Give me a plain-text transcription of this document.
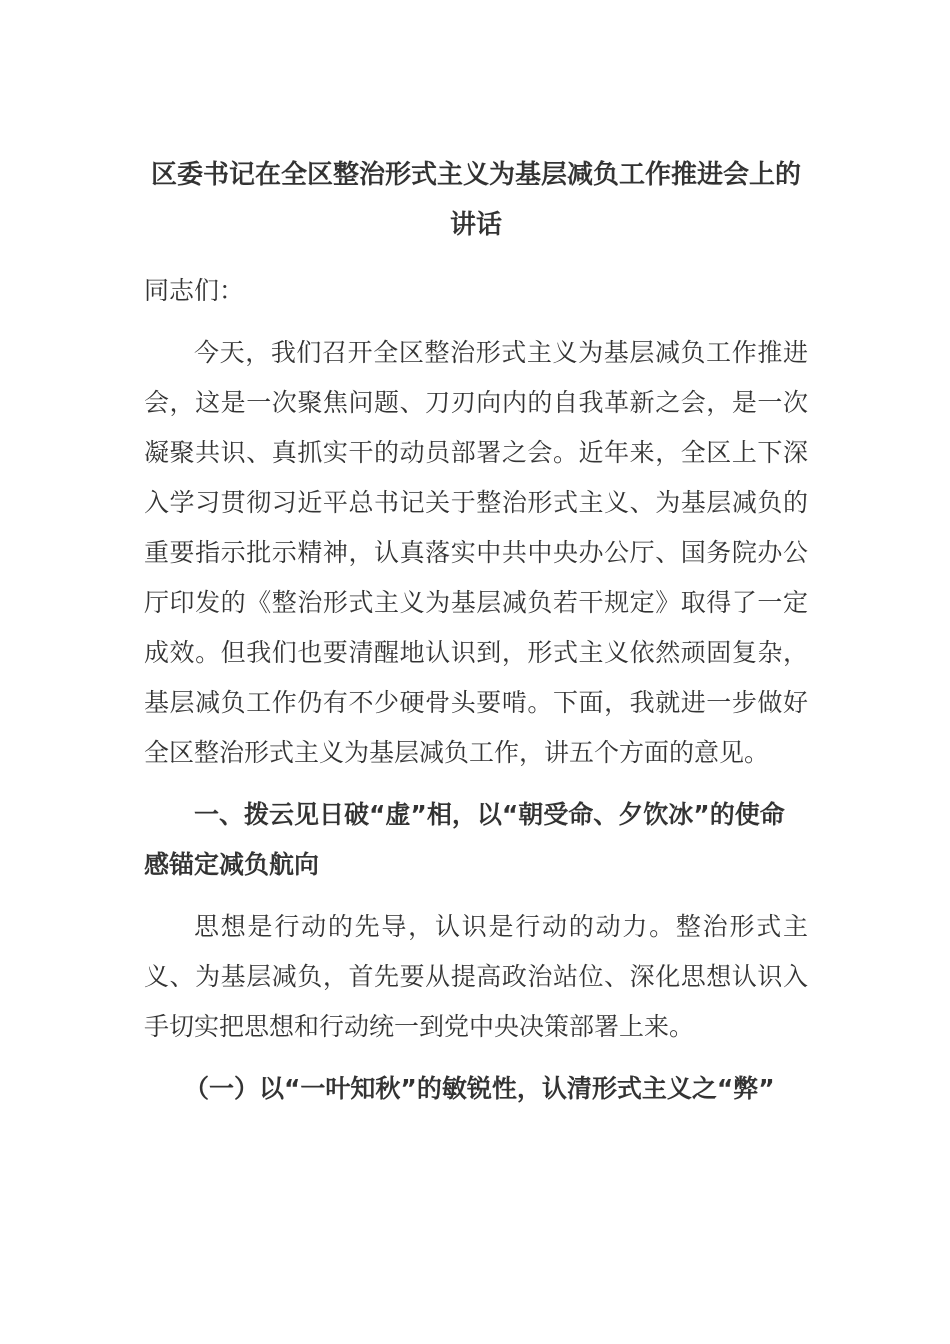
区委书记在全区整治形式主义为基层减负工作推进会上的
讲话

同志们：

今天，我们召开全区整治形式主义为基层减负工作推进会，这是一次聚焦问题、刀刃向内的自我革新之会，是一次凝聚共识、真抓实干的动员部署之会。近年来，全区上下深入学习贯彻习近平总书记关于整治形式主义、为基层减负的重要指示批示精神，认真落实中共中央办公厅、国务院办公厅印发的《整治形式主义为基层减负若干规定》取得了一定成效。但我们也要清醒地认识到，形式主义依然顽固复杂，基层减负工作仍有不少硬骨头要啃。下面，我就进一步做好全区整治形式主义为基层减负工作，讲五个方面的意见。

一、拨云见日破“虚”相，以“朝受命、夕饮冰”的使命感锚定减负航向

思想是行动的先导，认识是行动的动力。整治形式主义、为基层减负，首先要从提高政治站位、深化思想认识入手切实把思想和行动统一到党中央决策部署上来。

（一）以“一叶知秋”的敏锐性，认清形式主义之“弊”
